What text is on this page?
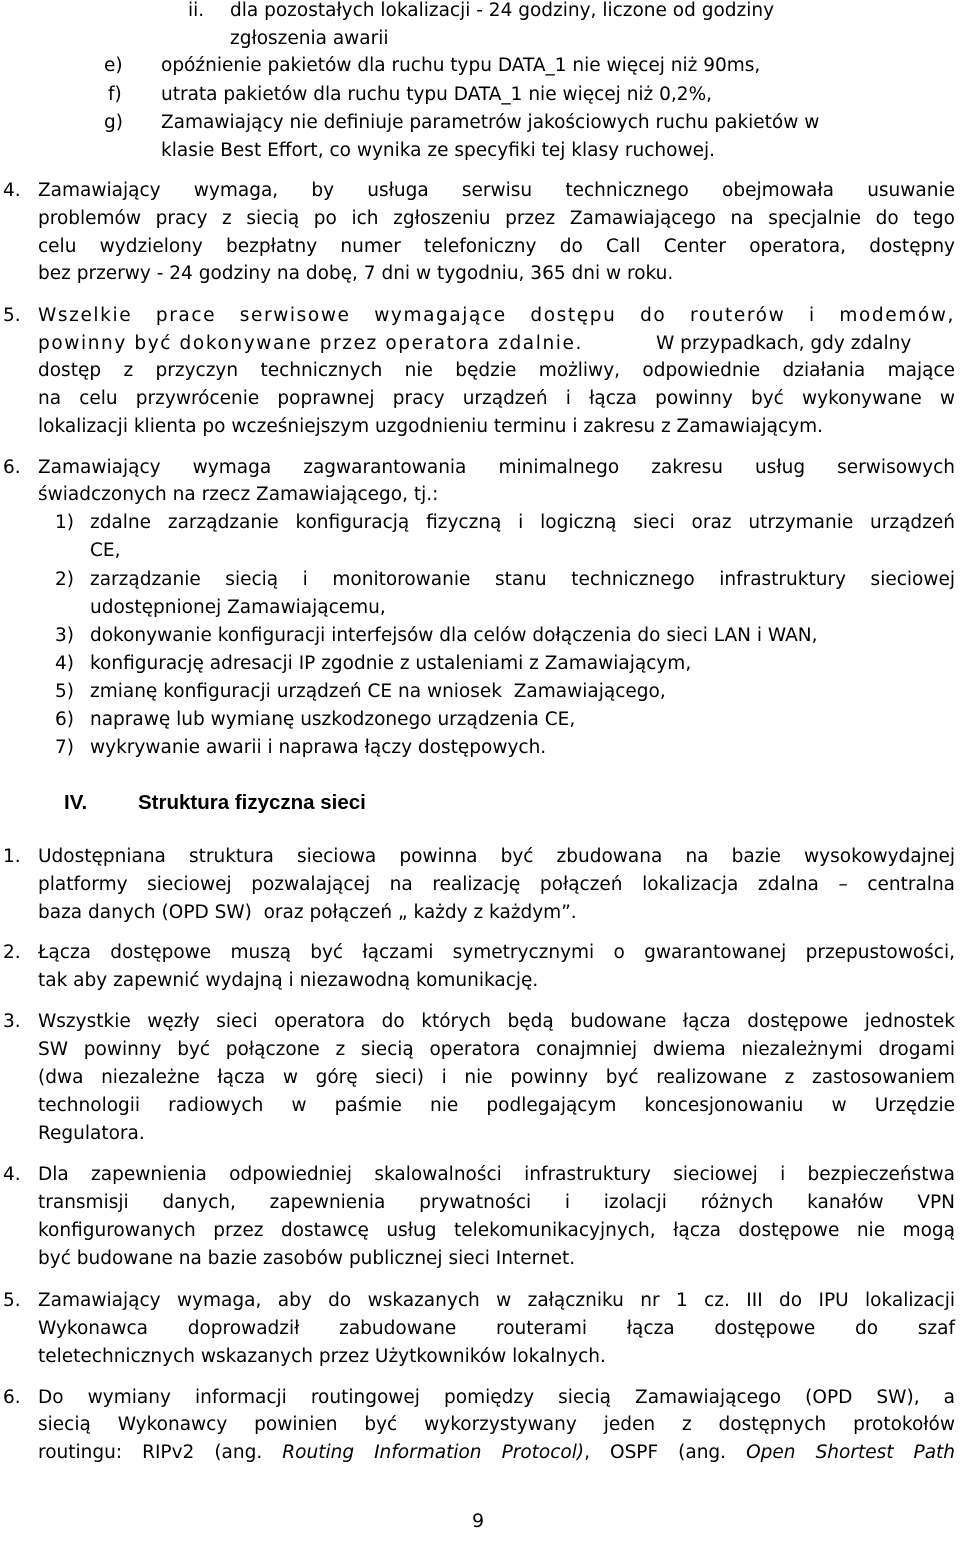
ii. dla pozostałych lokalizacji - 24 godziny, liczone od godziny
zgłoszenia awarii
e) opóźnienie pakietów dla ruchu typu DATA_1 nie więcej niż 90ms,
f) utrata pakietów dla ruchu typu DATA_1 nie więcej niż 0,2%,
g) Zamawiający nie definiuje parametrów jakościowych ruchu pakietów w
klasie Best Effort, co wynika ze specyfiki tej klasy ruchowej.
4. Zamawiający wymaga, by usługa serwisu technicznego obejmowała usuwanie
problemów pracy z siecią po ich zgłoszeniu przez Zamawiającego na specjalnie do tego
celu wydzielony bezpłatny numer telefoniczny do Call Center operatora, dostępny
bez przerwy - 24 godziny na dobę, 7 dni w tygodniu, 365 dni w roku.
5. Wszelkie prace serwisowe wymagające dostępu do routerów i modemów,
powinny być dokonywane przez operatora zdalnie.	W przypadkach, gdy zdalny
dostęp z przyczyn technicznych nie będzie możliwy, odpowiednie działania mające
na celu przywrócenie poprawnej pracy urządzeń i łącza powinny być wykonywane w
lokalizacji klienta po wcześniejszym uzgodnieniu terminu i zakresu z Zamawiającym.
6. Zamawiający wymaga zagwarantowania minimalnego zakresu usług serwisowych
świadczonych na rzecz Zamawiającego, tj.:
1) zdalne zarządzanie konfiguracją fizyczną i logiczną sieci oraz utrzymanie urządzeń
CE,
2) zarządzanie siecią i monitorowanie stanu technicznego infrastruktury sieciowej
udostępnionej Zamawiającemu,
3) dokonywanie konfiguracji interfejsów dla celów dołączenia do sieci LAN i WAN,
4) konfigurację adresacji IP zgodnie z ustaleniami z Zamawiającym,
5) zmianę konfiguracji urządzeń CE na wniosek  Zamawiającego,
6) naprawę lub wymianę uszkodzonego urządzenia CE,
7) wykrywanie awarii i naprawa łączy dostępowych.
IV. Struktura fizyczna sieci
1. Udostępniana struktura sieciowa powinna być zbudowana na bazie wysokowydajnej
platformy sieciowej pozwalającej na realizację połączeń lokalizacja zdalna – centralna
baza danych (OPD SW)  oraz połączeń „ każdy z każdym”.
2. Łącza dostępowe muszą być łączami symetrycznymi o gwarantowanej przepustowości,
tak aby zapewnić wydajną i niezawodną komunikację.
3. Wszystkie węzły sieci operatora do których będą budowane łącza dostępowe jednostek
SW powinny być połączone z siecią operatora conajmniej dwiema niezależnymi drogami
(dwa niezależne łącza w górę sieci) i nie powinny być realizowane z zastosowaniem
technologii radiowych w paśmie nie podlegającym koncesjonowaniu w Urzędzie
Regulatora.
4. Dla zapewnienia odpowiedniej skalowalności infrastruktury sieciowej i bezpieczeństwa
transmisji danych, zapewnienia prywatności i izolacji różnych kanałów VPN
konfigurowanych przez dostawcę usług telekomunikacyjnych, łącza dostępowe nie mogą
być budowane na bazie zasobów publicznej sieci Internet.
5. Zamawiający wymaga, aby do wskazanych w załączniku nr 1 cz. III do IPU lokalizacji
Wykonawca doprowadził zabudowane routerami łącza dostępowe do szaf
teletechnicznych wskazanych przez Użytkowników lokalnych.
6. Do wymiany informacji routingowej pomiędzy siecią Zamawiającego (OPD SW), a
siecią Wykonawcy powinien być wykorzystywany jeden z dostępnych protokołów
routingu: RIPv2 (ang. Routing Information Protocol), OSPF (ang. Open Shortest Path
9
